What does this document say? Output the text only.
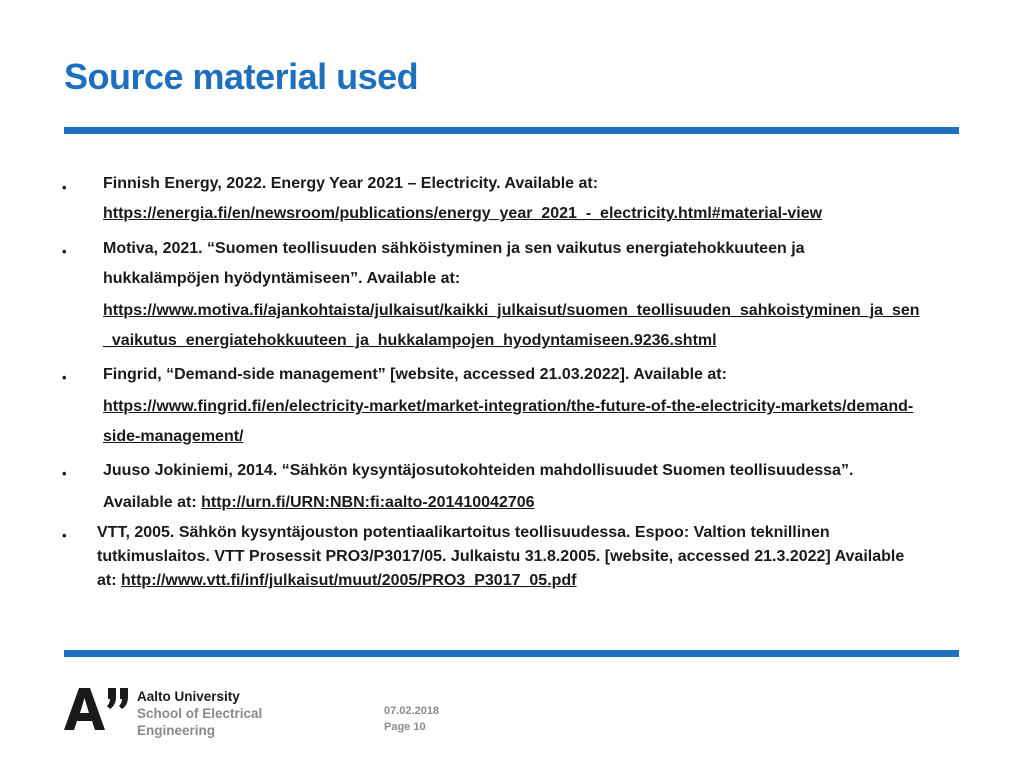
Source material used
• Finnish Energy, 2022. Energy Year 2021 – Electricity. Available at:
https://energia.fi/en/newsroom/publications/energy_year_2021_-_electricity.html#material-view
• Motiva, 2021. “Suomen teollisuuden sähköistyminen ja sen vaikutus energiatehokkuuteen ja
hukkalämpöjen hyödyntämiseen”. Available at:
https://www.motiva.fi/ajankohtaista/julkaisut/kaikki_julkaisut/suomen_teollisuuden_sahkoistyminen_ja_sen
_vaikutus_energiatehokkuuteen_ja_hukkalampojen_hyodyntamiseen.9236.shtml
• Fingrid, “Demand-side management” [website, accessed 21.03.2022]. Available at:
https://www.fingrid.fi/en/electricity-market/market-integration/the-future-of-the-electricity-markets/demand-
side-management/
• Juuso Jokiniemi, 2014. “Sähkön kysyntäjosutokohteiden mahdollisuudet Suomen teollisuudessa”.
Available at: http://urn.fi/URN:NBN:fi:aalto-201410042706
• VTT, 2005. Sähkön kysyntäjouston potentiaalikartoitus teollisuudessa. Espoo: Valtion teknillinen
tutkimuslaitos. VTT Prosessit PRO3/P3017/05. Julkaistu 31.8.2005. [website, accessed 21.3.2022] Available
at: http://www.vtt.fi/inf/julkaisut/muut/2005/PRO3_P3017_05.pdf
Aalto University
School of Electrical
Engineering
07.02.2018
Page 10
